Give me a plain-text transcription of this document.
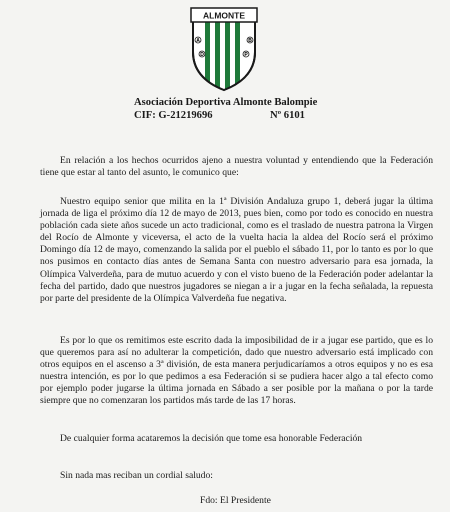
ALMONTE
A
D
B
P
Asociación Deportiva Almonte Balompie
CIF: G-21219696	Nº 6101
En relación a los hechos ocurridos ajeno a nuestra voluntad y entendiendo que la Federación tiene que estar al tanto del asunto, le comunico que:
Nuestro equipo senior que milita en la 1ª División Andaluza grupo 1, deberá jugar la última jornada de liga el próximo día 12 de mayo de 2013, pues bien, como por todo es conocido en nuestra población cada siete años sucede un acto tradicional, como es el traslado de nuestra patrona la Virgen del Rocío de Almonte y viceversa, el acto de la vuelta hacia la aldea del Rocío será el próximo Domingo día 12 de mayo, comenzando la salida por el pueblo el sábado 11, por lo tanto es por lo que nos pusimos en contacto días antes de Semana Santa con nuestro adversario para esa jornada, la Olímpica Valverdeña, para de mutuo acuerdo y con el visto bueno de la Federación poder adelantar la fecha del partido, dado que nuestros jugadores se niegan a ir a jugar en la fecha señalada, la repuesta por parte del presidente de la Olímpica Valverdeña fue negativa.
Es por lo que os remitimos este escrito dada la imposibilidad de ir a jugar ese partido, que es lo que queremos para así no adulterar la competición, dado que nuestro adversario está implicado con otros equipos en el ascenso a 3ª división, de esta manera perjudicaríamos a otros equipos y no es esa nuestra intención, es por lo que pedimos a esa Federación si se pudiera hacer algo a tal efecto como por ejemplo poder jugarse la última jornada en Sábado a ser posible por la mañana o por la tarde siempre que no comenzaran los partidos más tarde de las 17 horas.
De cualquier forma acataremos la decisión que tome esa honorable Federación
Sin nada mas reciban un cordial saludo:
Fdo: El Presidente
